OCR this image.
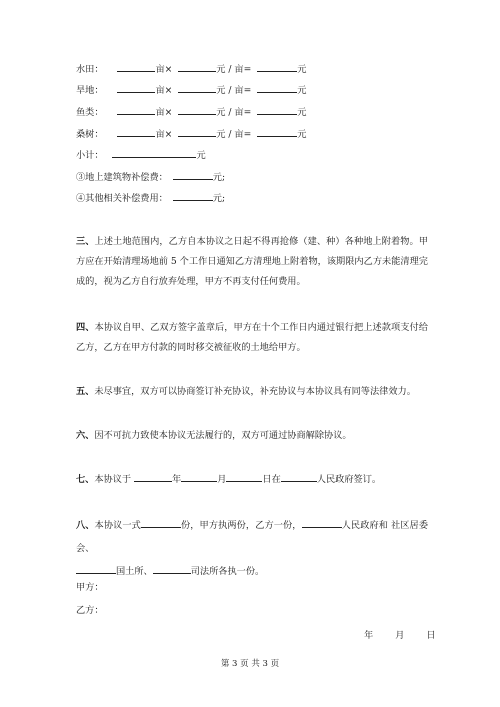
水田：	亩×	元 / 亩=	元
旱地：	亩×	元 / 亩=	元
鱼类：	亩×	元 / 亩=	元
桑树：	亩×	元 / 亩=	元
小计：	元
③地上建筑物补偿费：	元;
④其他相关补偿费用：	元;
三、上述土地范围内，乙方自本协议之日起不得再抢修（建、种）各种地上附着物。甲方应在开始清理场地前 5 个工作日通知乙方清理地上附着物，该期限内乙方未能清理完成的，视为乙方自行放弃处理，甲方不再支付任何费用。
四、本协议自甲、乙双方签字盖章后，甲方在十个工作日内通过银行把上述款项支付给乙方，乙方在甲方付款的同时移交被征收的土地给甲方。
五、未尽事宜，双方可以协商签订补充协议，补充协议与本协议具有同等法律效力。
六、因不可抗力致使本协议无法履行的，双方可通过协商解除协议。
七、本协议于	年	月	日在	人民政府签订。
八、本协议一式	份，甲方执两份，乙方一份，	人民政府和 社区居委会、
国土所、	司法所各执一份。
甲方：
乙方：
年 月 日
第 3 页 共 3 页
